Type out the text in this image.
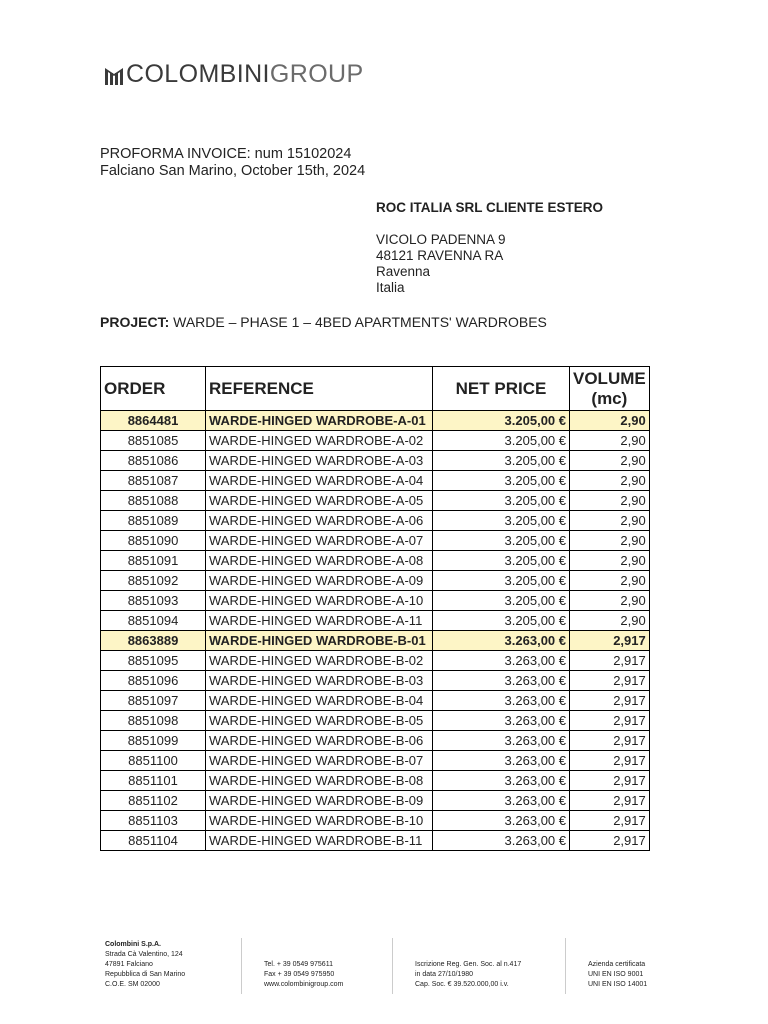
COLOMBINIGROUP
PROFORMA INVOICE: num 15102024
Falciano San Marino, October 15th, 2024
ROC ITALIA SRL CLIENTE ESTERO
VICOLO PADENNA 9
48121 RAVENNA RA
Ravenna
Italia
PROJECT: WARDE – PHASE 1 – 4BED APARTMENTS' WARDROBES
ORDER	REFERENCE	NET PRICE	VOLUME (mc)
8864481	WARDE-HINGED WARDROBE-A-01	3.205,00 €	2,90
8851085	WARDE-HINGED WARDROBE-A-02	3.205,00 €	2,90
8851086	WARDE-HINGED WARDROBE-A-03	3.205,00 €	2,90
8851087	WARDE-HINGED WARDROBE-A-04	3.205,00 €	2,90
8851088	WARDE-HINGED WARDROBE-A-05	3.205,00 €	2,90
8851089	WARDE-HINGED WARDROBE-A-06	3.205,00 €	2,90
8851090	WARDE-HINGED WARDROBE-A-07	3.205,00 €	2,90
8851091	WARDE-HINGED WARDROBE-A-08	3.205,00 €	2,90
8851092	WARDE-HINGED WARDROBE-A-09	3.205,00 €	2,90
8851093	WARDE-HINGED WARDROBE-A-10	3.205,00 €	2,90
8851094	WARDE-HINGED WARDROBE-A-11	3.205,00 €	2,90
8863889	WARDE-HINGED WARDROBE-B-01	3.263,00 €	2,917
8851095	WARDE-HINGED WARDROBE-B-02	3.263,00 €	2,917
8851096	WARDE-HINGED WARDROBE-B-03	3.263,00 €	2,917
8851097	WARDE-HINGED WARDROBE-B-04	3.263,00 €	2,917
8851098	WARDE-HINGED WARDROBE-B-05	3.263,00 €	2,917
8851099	WARDE-HINGED WARDROBE-B-06	3.263,00 €	2,917
8851100	WARDE-HINGED WARDROBE-B-07	3.263,00 €	2,917
8851101	WARDE-HINGED WARDROBE-B-08	3.263,00 €	2,917
8851102	WARDE-HINGED WARDROBE-B-09	3.263,00 €	2,917
8851103	WARDE-HINGED WARDROBE-B-10	3.263,00 €	2,917
8851104	WARDE-HINGED WARDROBE-B-11	3.263,00 €	2,917
Colombini S.p.A.
Strada Cà Valentino, 124
47891 Falciano
Repubblica di San Marino
C.O.E. SM 02000
Tel. + 39 0549 975611
Fax + 39 0549 975950
www.colombinigroup.com
Iscrizione Reg. Gen. Soc. al n.417
in data 27/10/1980
Cap. Soc. € 39.520.000,00 i.v.
Azienda certificata
UNI EN ISO 9001
UNI EN ISO 14001
